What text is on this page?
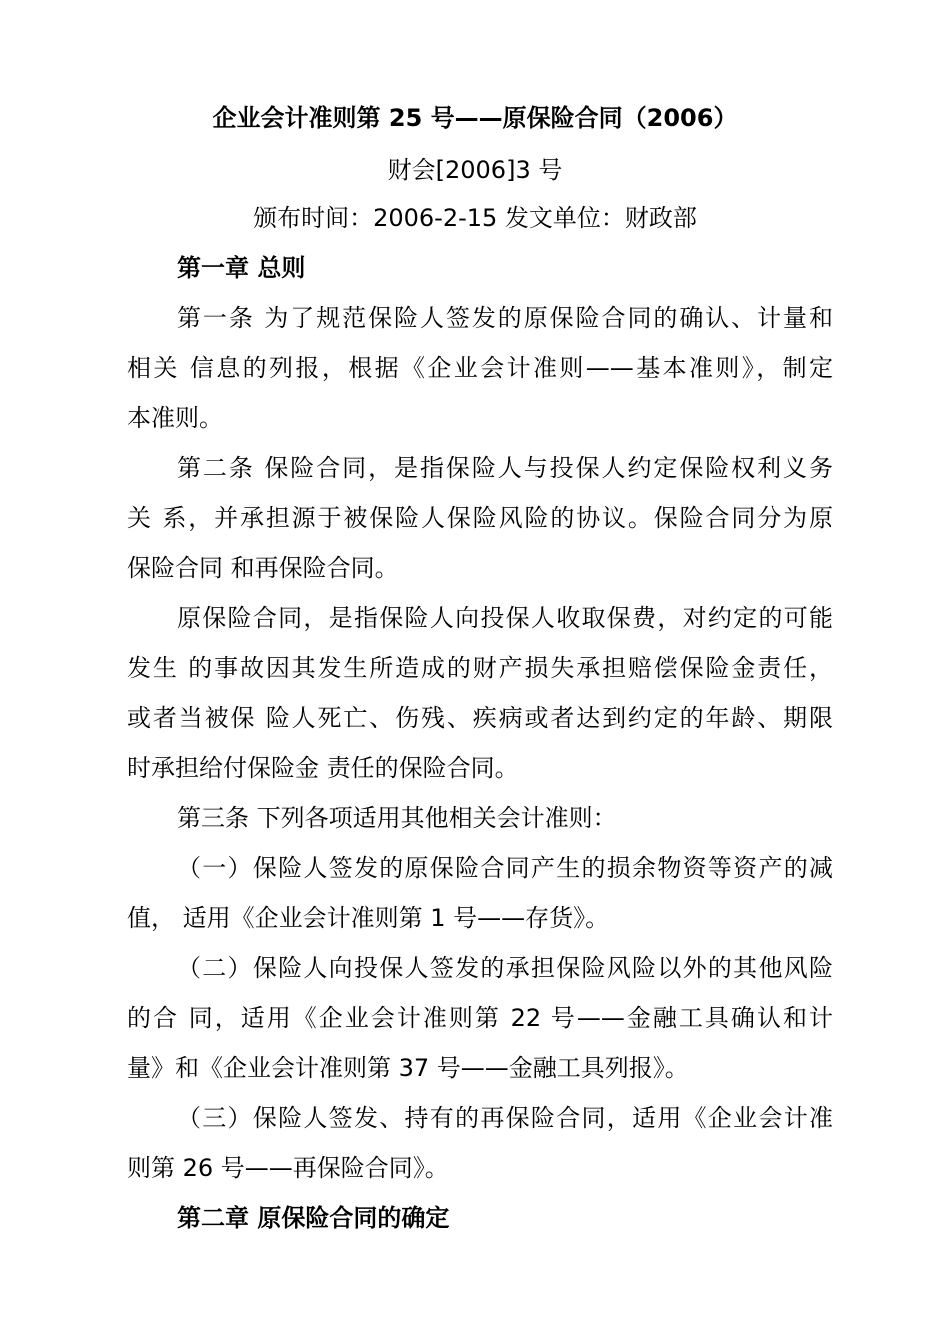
企业会计准则第 25 号——原保险合同（2006）
财会[2006]3 号
颁布时间：2006-2-15 发文单位：财政部
第一章 总则
第一条 为了规范保险人签发的原保险合同的确认、计量和
相关 信息的列报，根据《企业会计准则——基本准则》，制定
本准则。
第二条 保险合同，是指保险人与投保人约定保险权利义务
关 系，并承担源于被保险人保险风险的协议。保险合同分为原
保险合同 和再保险合同。
原保险合同，是指保险人向投保人收取保费，对约定的可能
发生 的事故因其发生所造成的财产损失承担赔偿保险金责任，
或者当被保 险人死亡、伤残、疾病或者达到约定的年龄、期限
时承担给付保险金 责任的保险合同。
第三条 下列各项适用其他相关会计准则：
（一）保险人签发的原保险合同产生的损余物资等资产的减
值， 适用《企业会计准则第 1 号——存货》。
（二）保险人向投保人签发的承担保险风险以外的其他风险
的合 同，适用《企业会计准则第 22 号——金融工具确认和计
量》和《企业会计准则第 37 号——金融工具列报》。
（三）保险人签发、持有的再保险合同，适用《企业会计准
则第 26 号——再保险合同》。
第二章 原保险合同的确定
